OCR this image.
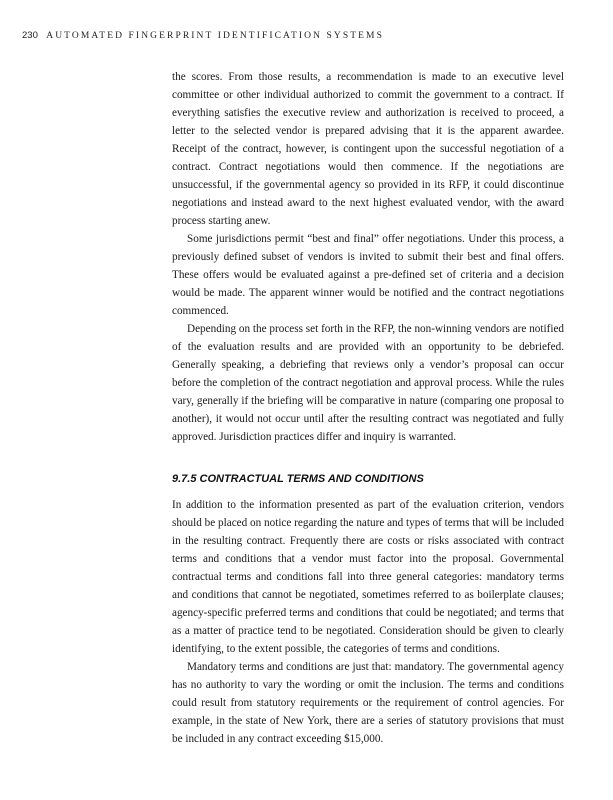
230 AUTOMATED FINGERPRINT IDENTIFICATION SYSTEMS

the scores. From those results, a recommendation is made to an executive level committee or other individual authorized to commit the government to a contract. If everything satisfies the executive review and authorization is received to proceed, a letter to the selected vendor is prepared advising that it is the apparent awardee. Receipt of the contract, however, is contingent upon the successful negotiation of a contract. Contract negotiations would then commence. If the negotiations are unsuccessful, if the governmental agency so provided in its RFP, it could discontinue negotiations and instead award to the next highest evaluated vendor, with the award process starting anew.

Some jurisdictions permit “best and final” offer negotiations. Under this process, a previously defined subset of vendors is invited to submit their best and final offers. These offers would be evaluated against a pre-defined set of criteria and a decision would be made. The apparent winner would be notified and the contract negotiations commenced.

Depending on the process set forth in the RFP, the non-winning vendors are notified of the evaluation results and are provided with an opportunity to be debriefed. Generally speaking, a debriefing that reviews only a vendor’s proposal can occur before the completion of the contract negotiation and approval process. While the rules vary, generally if the briefing will be comparative in nature (comparing one proposal to another), it would not occur until after the resulting contract was negotiated and fully approved. Jurisdiction practices differ and inquiry is warranted.

9.7.5 CONTRACTUAL TERMS AND CONDITIONS

In addition to the information presented as part of the evaluation criterion, vendors should be placed on notice regarding the nature and types of terms that will be included in the resulting contract. Frequently there are costs or risks associated with contract terms and conditions that a vendor must factor into the proposal. Governmental contractual terms and conditions fall into three general categories: mandatory terms and conditions that cannot be negotiated, sometimes referred to as boilerplate clauses; agency-specific preferred terms and conditions that could be negotiated; and terms that as a matter of practice tend to be negotiated. Consideration should be given to clearly identifying, to the extent possible, the categories of terms and conditions.

Mandatory terms and conditions are just that: mandatory. The governmental agency has no authority to vary the wording or omit the inclusion. The terms and conditions could result from statutory requirements or the requirement of control agencies. For example, in the state of New York, there are a series of statutory provisions that must be included in any contract exceeding $15,000.
